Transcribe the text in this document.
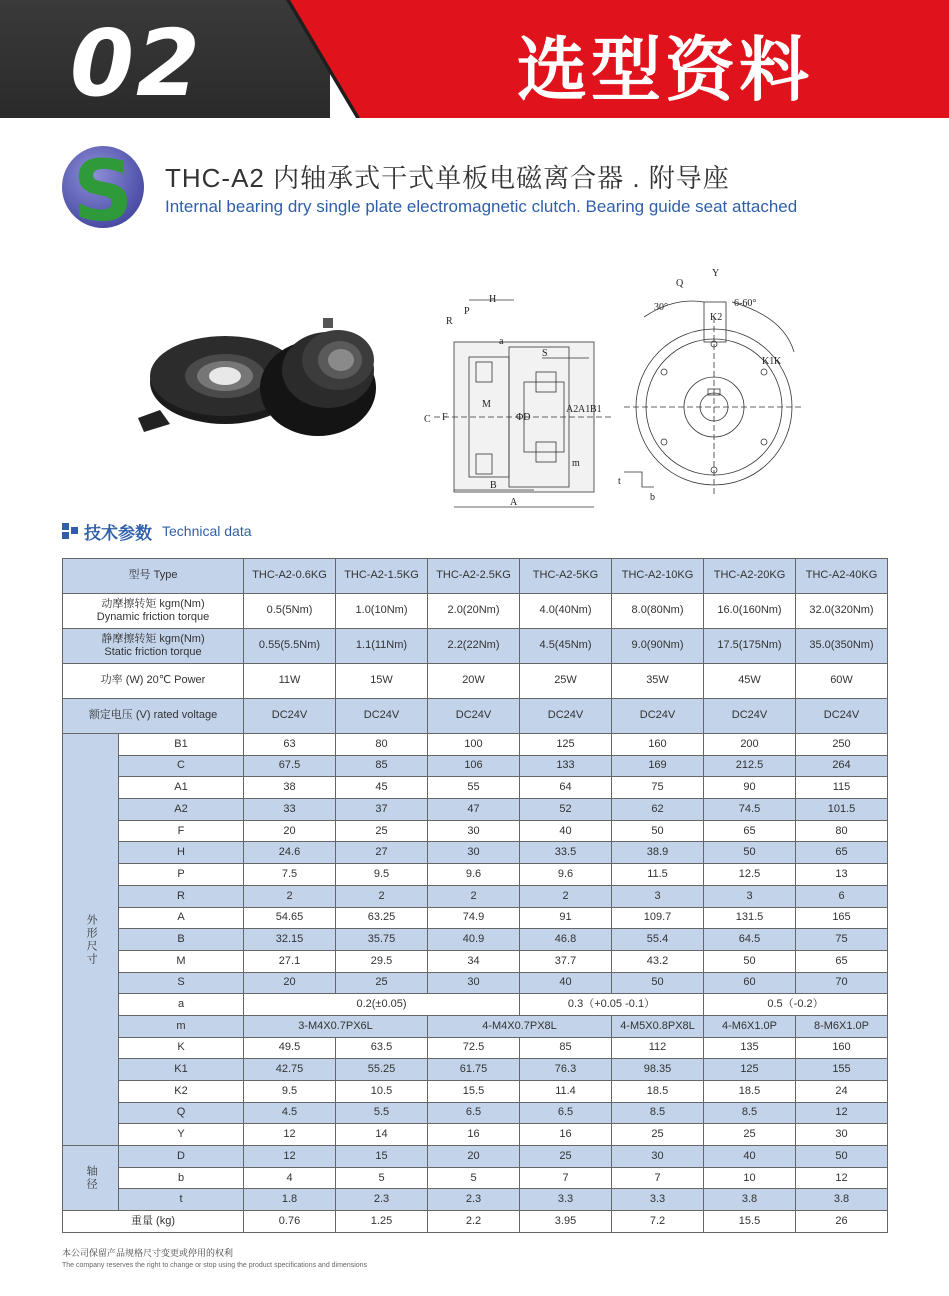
02	选型资料
S	THC-A2 内轴承式干式单板电磁离合器 . 附导座
Internal bearing dry single plate electromagnetic clutch. Bearing guide seat attached
H
R
P
a
S
C F
M
ΦD
A2 A1 B1
m
B
A
Q
Y
30°	6-60°
K2
K1 K
t
b
技术参数 Technical data
型号 Type		THC-A2-0.6KG	THC-A2-1.5KG	THC-A2-2.5KG	THC-A2-5KG	THC-A2-10KG	THC-A2-20KG	THC-A2-40KG

动摩擦转矩 kgm(Nm)
Dynamic friction torque		0.5(5Nm)	1.0(10Nm)	2.0(20Nm)	4.0(40Nm)	8.0(80Nm)	16.0(160Nm)	32.0(320Nm)

静摩擦转矩 kgm(Nm)
Static friction torque		0.55(5.5Nm)	1.1(11Nm)	2.2(22Nm)	4.5(45Nm)	9.0(90Nm)	17.5(175Nm)	35.0(350Nm)

功率 (W) 20℃ Power		11W	15W	20W	25W	35W	45W	60W

额定电压 (V) rated voltage		DC24V	DC24V	DC24V	DC24V	DC24V	DC24V	DC24V
外形尺寸	B1	63	80	100	125	160	200	250
	C	67.5	85	106	133	169	212.5	264
	A1	38	45	55	64	75	90	115
	A2	33	37	47	52	62	74.5	101.5
	F	20	25	30	40	50	65	80
	H	24.6	27	30	33.5	38.9	50	65
	P	7.5	9.5	9.6	9.6	11.5	12.5	13
	R	2	2	2	2	3	3	6
	A	54.65	63.25	74.9	91	109.7	131.5	165
	B	32.15	35.75	40.9	46.8	55.4	64.5	75
	M	27.1	29.5	34	37.7	43.2	50	65
	S	20	25	30	40	50	60	70
	a	0.2(±0.05)			0.3（+0.05 -0.1）		0.5（-0.2）	
	m	3-M4X0.7PX6L		4-M4X0.7PX8L		4-M5X0.8PX8L	4-M6X1.0P	8-M6X1.0P
	K	49.5	63.5	72.5	85	112	135	160
	K1	42.75	55.25	61.75	76.3	98.35	125	155
	K2	9.5	10.5	15.5	11.4	18.5	18.5	24
	Q	4.5	5.5	6.5	6.5	8.5	8.5	12
	Y	12	14	16	16	25	25	30
轴径	D	12	15	20	25	30	40	50
	b	4	5	5	7	7	10	12
	t	1.8	2.3	2.3	3.3	3.3	3.8	3.8
重量 (kg)		0.76	1.25	2.2	3.95	7.2	15.5	26
本公司保留产品规格尺寸变更或停用的权利
The company reserves the right to change or stop using the product specifications and dimensions
